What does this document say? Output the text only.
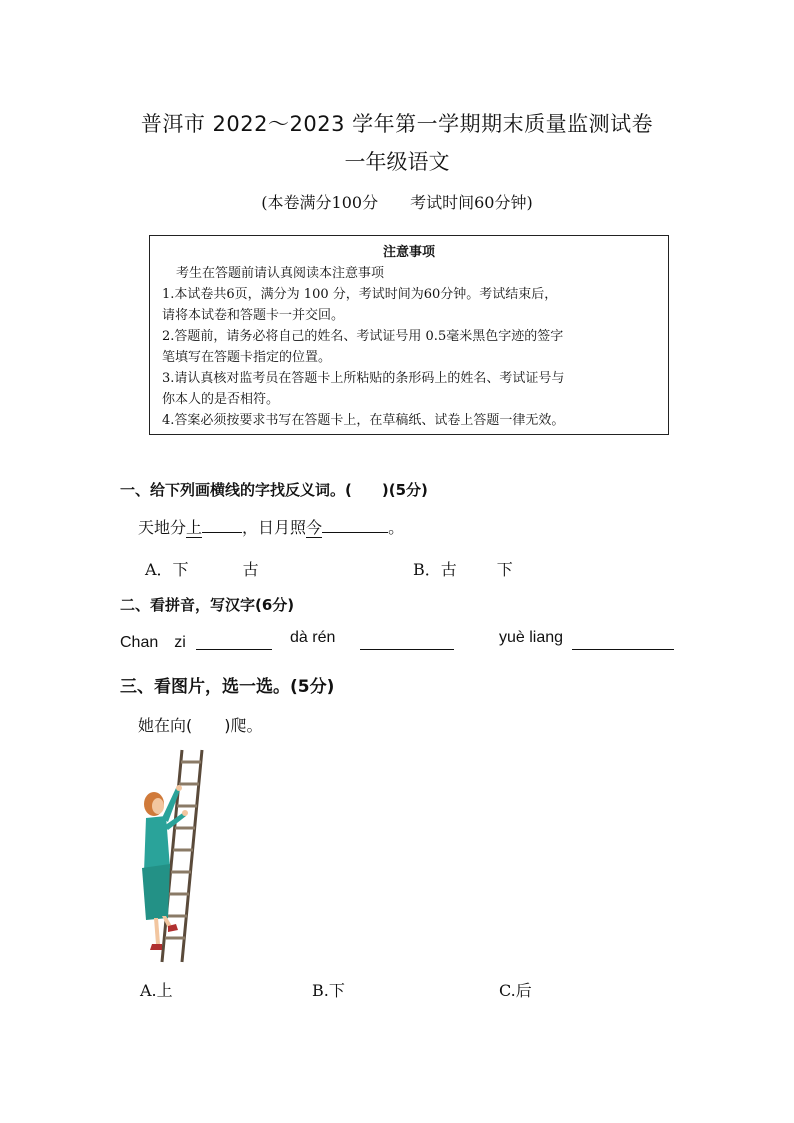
普洱市 2022～2023 学年第一学期期末质量监测试卷
一年级语文
(本卷满分100分　　考试时间60分钟)
注意事项
考生在答题前请认真阅读本注意事项
1.本试卷共6页，满分为 100 分，考试时间为60分钟。考试结束后，
请将本试卷和答题卡一并交回。
2.答题前，请务必将自己的姓名、考试证号用 0.5毫米黑色字迹的签字
笔填写在答题卡指定的位置。
3.请认真核对监考员在答题卡上所粘贴的条形码上的姓名、考试证号与
你本人的是否相符。
4.答案必须按要求书写在答题卡上，在草稿纸、试卷上答题一律无效。
一、给下列画横线的字找反义词。(　　)(5分)
天地分上	，日月照今	。
A．下	古	B．古	下
二、看拼音，写汉字(6分)
Chan　zi	dà rén	yuè liang
三、看图片，选一选。(5分)
她在向(　　)爬。
A.上	B.下	C.后
